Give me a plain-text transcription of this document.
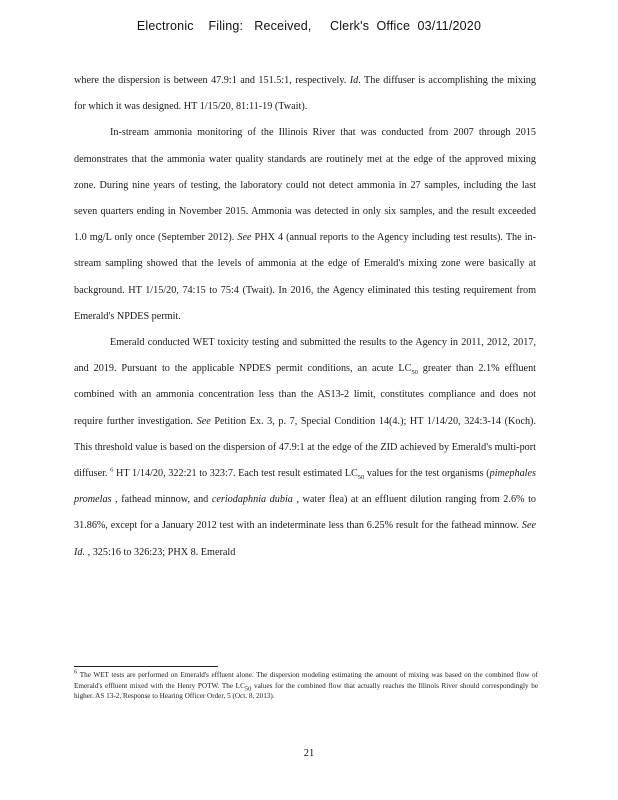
Electronic    Filing:   Received,     Clerk's  Office  03/11/2020

where the dispersion is between 47.9:1 and 151.5:1, respectively. Id. The diffuser is accomplishing the mixing for which it was designed. HT 1/15/20, 81:11-19 (Twait).

In-stream ammonia monitoring of the Illinois River that was conducted from 2007 through 2015 demonstrates that the ammonia water quality standards are routinely met at the edge of the approved mixing zone. During nine years of testing, the laboratory could not detect ammonia in 27 samples, including the last seven quarters ending in November 2015. Ammonia was detected in only six samples, and the result exceeded 1.0 mg/L only once (September 2012). See PHX 4 (annual reports to the Agency including test results). The in-stream sampling showed that the levels of ammonia at the edge of Emerald's mixing zone were basically at background. HT 1/15/20, 74:15 to 75:4 (Twait). In 2016, the Agency eliminated this testing requirement from Emerald's NPDES permit.

Emerald conducted WET toxicity testing and submitted the results to the Agency in 2011, 2012, 2017, and 2019. Pursuant to the applicable NPDES permit conditions, an acute $LC_{50}$ greater than 2.1% effluent combined with an ammonia concentration less than the AS13-2 limit, constitutes compliance and does not require further investigation. See Petition Ex. 3, p. 7, Special Condition 14(4.); HT 1/14/20, 324:3-14 (Koch). This threshold value is based on the dispersion of 47.9:1 at the edge of the ZID achieved by Emerald's multi-port diffuser. $^6$ HT 1/14/20, 322:21 to 323:7. Each test result estimated $LC_{50}$ values for the test organisms (pimephales promelas , fathead minnow, and ceriodaphnia dubia , water flea) at an effluent dilution ranging from 2.6% to 31.86%, except for a January 2012 test with an indeterminate less than 6.25% result for the fathead minnow. See Id. , 325:16 to 326:23; PHX 8. Emerald

$^6$ The WET tests are performed on Emerald's effluent alone. The dispersion modeling estimating the amount of mixing was based on the combined flow of Emerald's effluent mixed with the Henry POTW. The $LC_{50}$ values for the combined flow that actually reaches the Illinois River should correspondingly be higher. AS 13-2, Response to Hearing Officer Order, 5 (Oct. 8, 2013).

21
